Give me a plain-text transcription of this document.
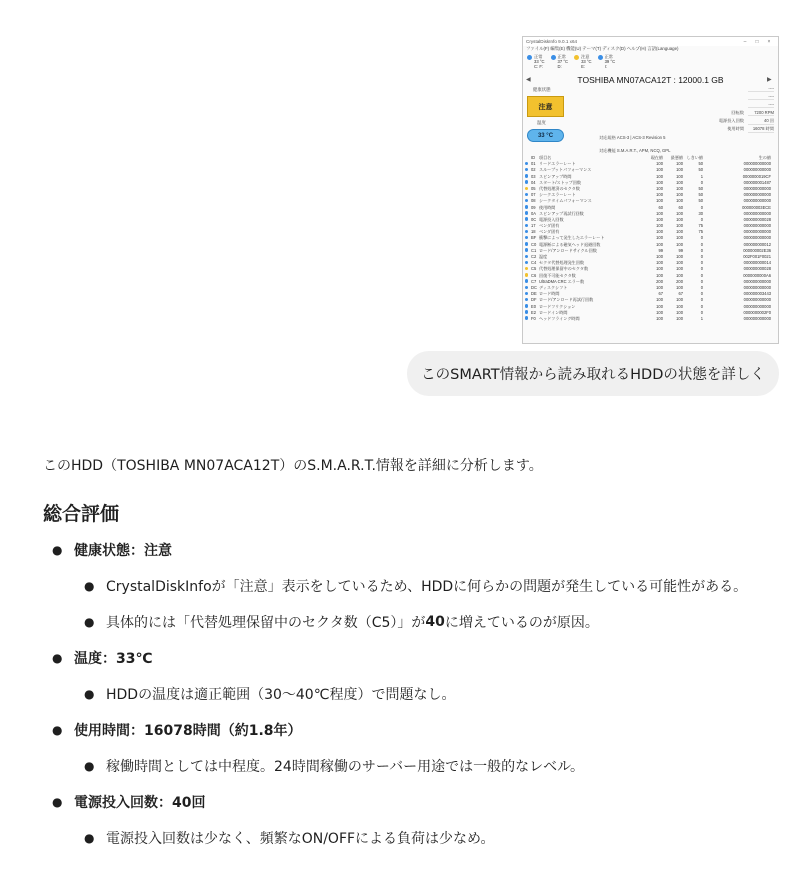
CrystalDiskInfo 9.0.1 x64	–	□	×
ファイル(F) 編集(E) 機能(U) テーマ(T) ディスク(D) ヘルプ(H) 言語(Language)
正常
33 °C
C: F:
正常
37 °C
D:
注意
33 °C
E:
正常
39 °C
I:
◀	TOSHIBA MN07ACA12T : 12000.1 GB	▶
健康状態
注意
温度
33 °C
----
----
----
回転数	7200 RPM
電源投入回数	40 回
使用時間	16078 時間
対応規格 ACS-3 | ACS-3 Revision 5
対応機能 S.M.A.R.T., APM, NCQ, GPL
ID 項目名	現在値	最悪値 しきい値	生の値
01 リードエラーレート	100	100	50	000000000000
02 スループットパフォーマンス	100	100	50	000000000000
03 スピンアップ時間	100	100	1	0000000019CF
04 スタート/ストップ回数	100	100	0	000000001487
05 代替処理済のセクタ数	100	100	50	000000000000
07 シークエラーレート	100	100	50	000000000000
08 シークタイムパフォーマンス	100	100	50	000000000000
09 使用時間	60	60	0	000000003ECE
0A スピンアップ再試行回数	100	100	30	000000000000
0C 電源投入回数	100	100	0	000000000028
17 ベンダ固有	100	100	75	000000000000
18 ベンダ固有	100	100	75	000000000000
BF 衝撃によって発生したエラーレート	100	100	0	000000000000
C0 電源断による磁気ヘッド退避回数	100	100	0	000000000012
C1 ロード/アンロードサイクル回数	99	99	0	000000002E36
C2 温度	100	100	0	002F001F0021
C4 セクタ代替処理発生回数	100	100	0	000000000014
C5 代替処理保留中のセクタ数	100	100	0	000000000028
C6 回復不可能セクタ数	100	100	0	0000000000A6
C7 UltraDMA CRC エラー数	200	200	0	000000000000
DC ディスクシフト	100	100	0	000000000000
DE ロード時間	67	67	0	000000003443
DF ロード/アンロード再試行回数	100	100	0	000000000000
E0 ロードフリクション	100	100	0	000000000000
E2 ロードイン時間	100	100	0	0000000002F0
F0 ヘッドフライング時間	100	100	1	000000000000
このSMART情報から読み取れるHDDの状態を詳しく
このHDD（TOSHIBA MN07ACA12T）のS.M.A.R.T.情報を詳細に分析します。
総合評価
● 健康状態：注意
● CrystalDiskInfoが「注意」表示をしているため、HDDに何らかの問題が発生している可能性がある。
● 具体的には「代替処理保留中のセクタ数（C5）」が 40 に増えているのが原因。
● 温度：33℃
● HDDの温度は適正範囲（30〜40℃程度）で問題なし。
● 使用時間：16078時間（約1.8年）
● 稼働時間としては中程度。24時間稼働のサーバー用途では一般的なレベル。
● 電源投入回数：40回
● 電源投入回数は少なく、頻繁なON/OFFによる負荷は少なめ。
